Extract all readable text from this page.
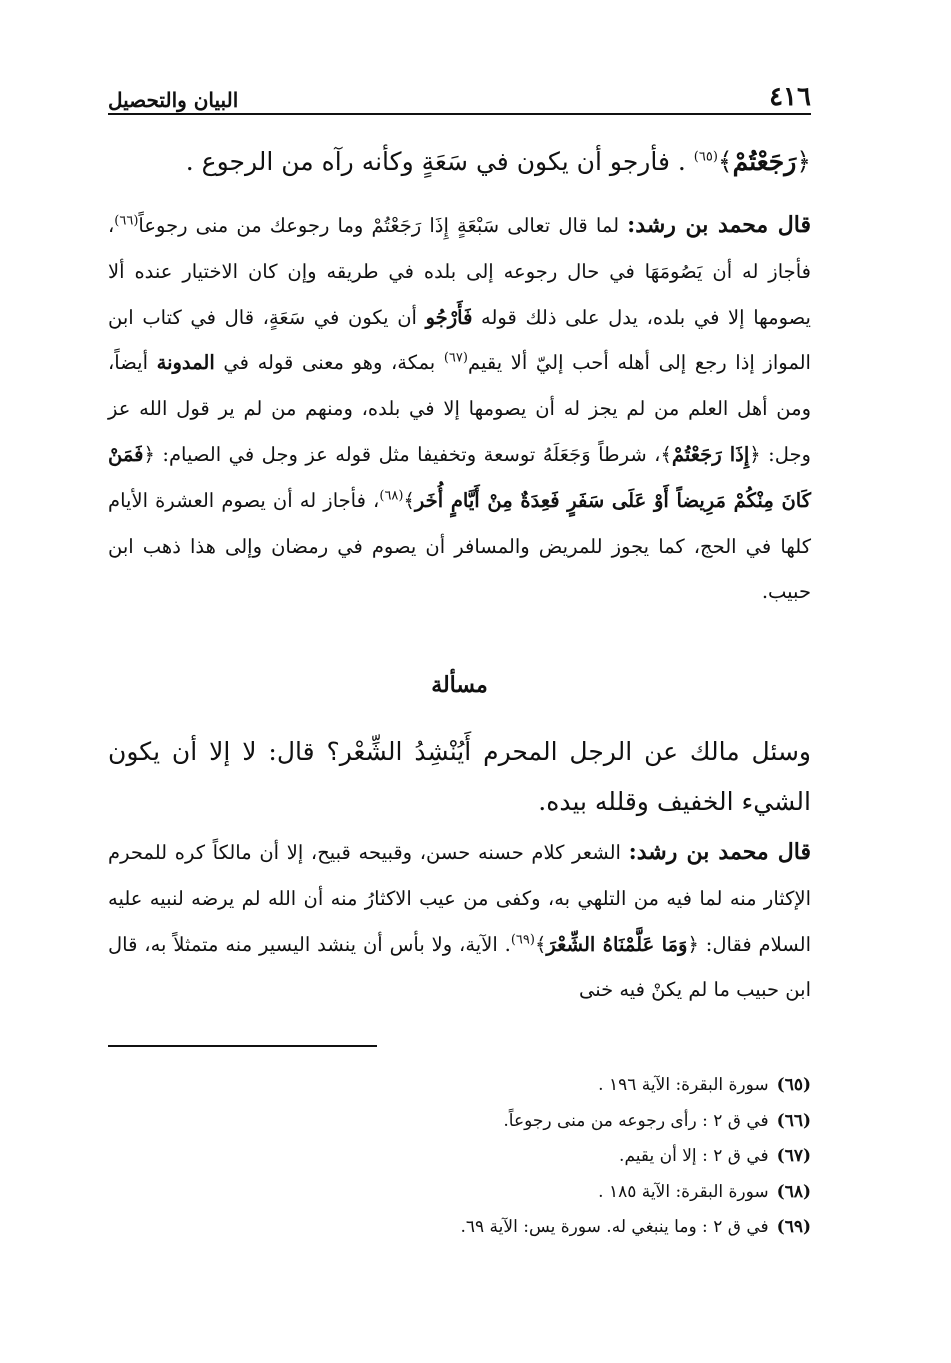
٤١٦
البيان والتحصيل

﴿رَجَعْتُمْ﴾$^{(٦٥)}$ . فأرجو أن يكون في سَعَةٍ وكأنه رآه من الرجوع .

قال محمد بن رشد: لما قال تعالى سَبْعَةٍ إِذَا رَجَعْتُمْ وما رجوعك من منى رجوعاً$^{(٦٦)}$، فأجاز له أن يَصُومَهَا في حال رجوعه إلى بلده في طريقه وإن كان الاختيار عنده ألا يصومها إلا في بلده، يدل على ذلك قوله فَأَرْجُو أن يكون في سَعَةٍ، قال في كتاب ابن المواز إذا رجع إلى أهله أحب إليّ ألا يقيم$^{(٦٧)}$ بمكة، وهو معنى قوله في المدونة أيضاً، ومن أهل العلم من لم يجز له أن يصومها إلا في بلده، ومنهم من لم ير قول الله عز وجل: ﴿إِذَا رَجَعْتُمْ﴾، شرطاً وَجَعَلَهُ توسعة وتخفيفا مثل قوله عز وجل في الصيام: ﴿فَمَنْ كَانَ مِنْكُمْ مَرِيضاً أَوْ عَلَى سَفَرٍ فَعِدَةٌ مِنْ أَيَّامٍ أُخَر﴾$^{(٦٨)}$، فأجاز له أن يصوم العشرة الأيام كلها في الحج، كما يجوز للمريض والمسافر أن يصوم في رمضان وإلى هذا ذهب ابن حبيب.

مسألة

وسئل مالك عن الرجل المحرم أَيُنْشِدُ الشِّعْر؟ قال: لا إلا أن يكون الشيء الخفيف وقلله بيده.

قال محمد بن رشد: الشعر كلام حسنه حسن، وقبيحه قبيح، إلا أن مالكاً كره للمحرم الإكثار منه لما فيه من التلهي به، وكفى من عيب الاكثارُ منه أن الله لم يرضه لنبيه عليه السلام فقال: ﴿وَمَا عَلَّمْنَاهُ الشِّعْرَ﴾$^{(٦٩)}$. الآية، ولا بأس أن ينشد اليسير منه متمثلاً به، قال ابن حبيب ما لم يكنْ فيه خنى

(٦٥)
سورة البقرة: الآية ١٩٦ .
(٦٦)
في ق ٢ : رأى رجوعه من منى رجوعاً.
(٦٧)
في ق ٢ : إلا أن يقيم.
(٦٨)
سورة البقرة: الآية ١٨٥ .
(٦٩)
في ق ٢ : وما ينبغي له. سورة يس: الآية ٦٩.
